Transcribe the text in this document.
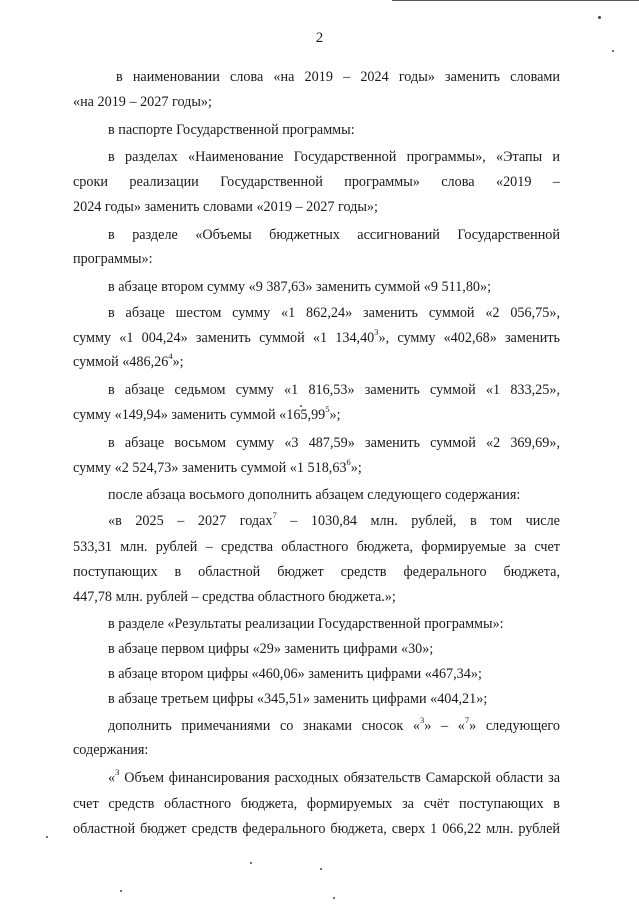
2
в наименовании слова «на 2019 – 2024 годы» заменить словами
«на 2019 – 2027 годы»;
в паспорте Государственной программы:
в разделах «Наименование Государственной программы», «Этапы и
сроки реализации Государственной программы» слова «2019 –
2024 годы» заменить словами «2019 – 2027 годы»;
в разделе «Объемы бюджетных ассигнований Государственной
программы»:
в абзаце втором сумму «9 387,63» заменить суммой «9 511,80»;
в абзаце шестом сумму «1 862,24» заменить суммой «2 056,75»,
сумму «1 004,24» заменить суммой «1 134,40$^3$», сумму «402,68» заменить
суммой «486,26$^4$»;
в абзаце седьмом сумму «1 816,53» заменить суммой «1 833,25»,
сумму «149,94» заменить суммой «165,99$^5$»;
в абзаце восьмом сумму «3 487,59» заменить суммой «2 369,69»,
сумму «2 524,73» заменить суммой «1 518,63$^6$»;
после абзаца восьмого дополнить абзацем следующего содержания:
«в 2025 – 2027 годах$^7$ – 1030,84 млн. рублей, в том числе
533,31 млн. рублей – средства областного бюджета, формируемые за счет
поступающих в областной бюджет средств федерального бюджета,
447,78 млн. рублей – средства областного бюджета.»;
в разделе «Результаты реализации Государственной программы»:
в абзаце первом цифры «29» заменить цифрами «30»;
в абзаце втором цифры «460,06» заменить цифрами «467,34»;
в абзаце третьем цифры «345,51» заменить цифрами «404,21»;
дополнить примечаниями со знаками сносок «$^3$» – «$^7$» следующего
содержания:
«$^3$ Объем финансирования расходных обязательств Самарской области за
счет средств областного бюджета, формируемых за счёт поступающих в
областной бюджет средств федерального бюджета, сверх 1 066,22 млн. рублей
